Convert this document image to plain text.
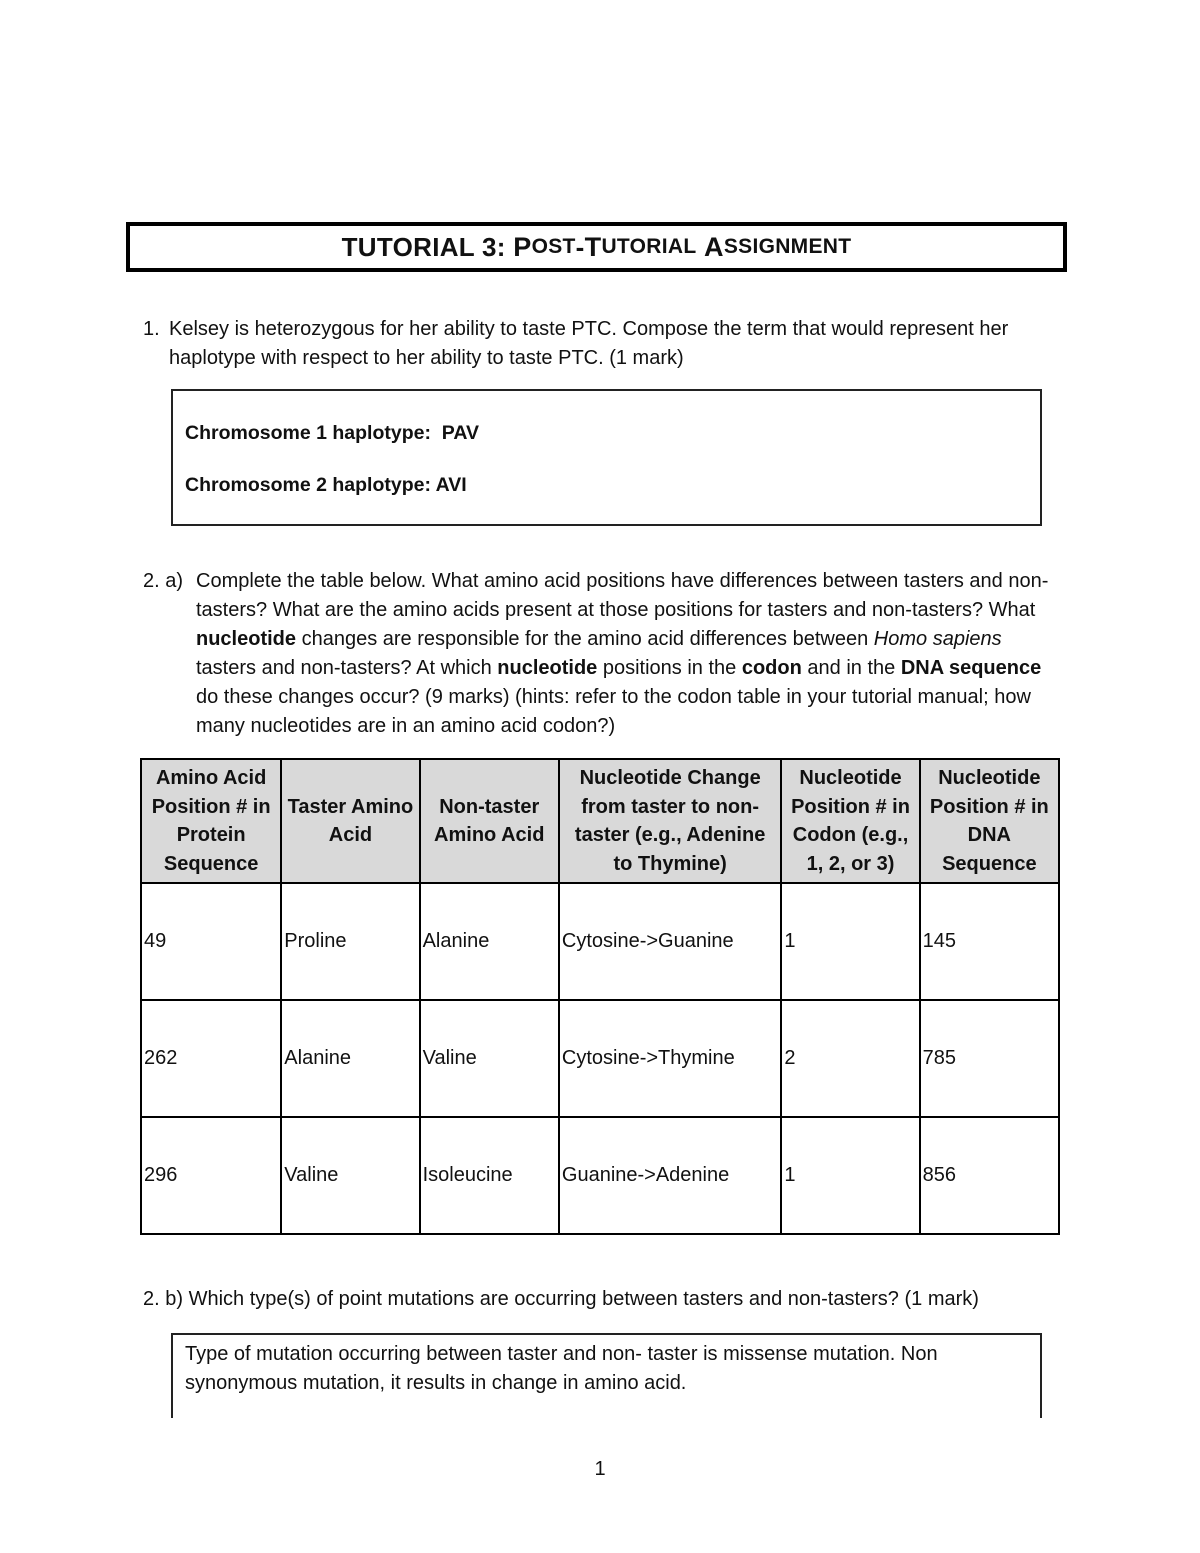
TUTORIAL 3:
P OST - T UTORIAL
A SSIGNMENT
1. Kelsey is heterozygous for her ability to taste PTC. Compose the term that would represent her haplotype with respect to her ability to taste PTC. (1 mark)
Chromosome 1 haplotype: PAV
Chromosome 2 haplotype: AVI
2. a) Complete the table below. What amino acid positions have differences between tasters and non-tasters? What are the amino acids present at those positions for tasters and non-tasters? What nucleotide changes are responsible for the amino acid differences between Homo sapiens tasters and non-tasters? At which nucleotide positions in the codon and in the DNA sequence do these changes occur? (9 marks) (hints: refer to the codon table in your tutorial manual; how many nucleotides are in an amino acid codon?)
Amino Acid Position # in Protein Sequence	Taster Amino Acid	Non-taster Amino Acid	Nucleotide Change from taster to non-taster (e.g., Adenine to Thymine)	Nucleotide Position # in Codon (e.g., 1, 2, or 3)	Nucleotide Position # in DNA Sequence
49	Proline	Alanine	Cytosine->Guanine	1	145
262	Alanine	Valine	Cytosine->Thymine	2	785
296	Valine	Isoleucine	Guanine->Adenine	1	856
2. b) Which type(s) of point mutations are occurring between tasters and non-tasters? (1 mark)
Type of mutation occurring between taster and non- taster is missense mutation. Non synonymous mutation, it results in change in amino acid.
1
